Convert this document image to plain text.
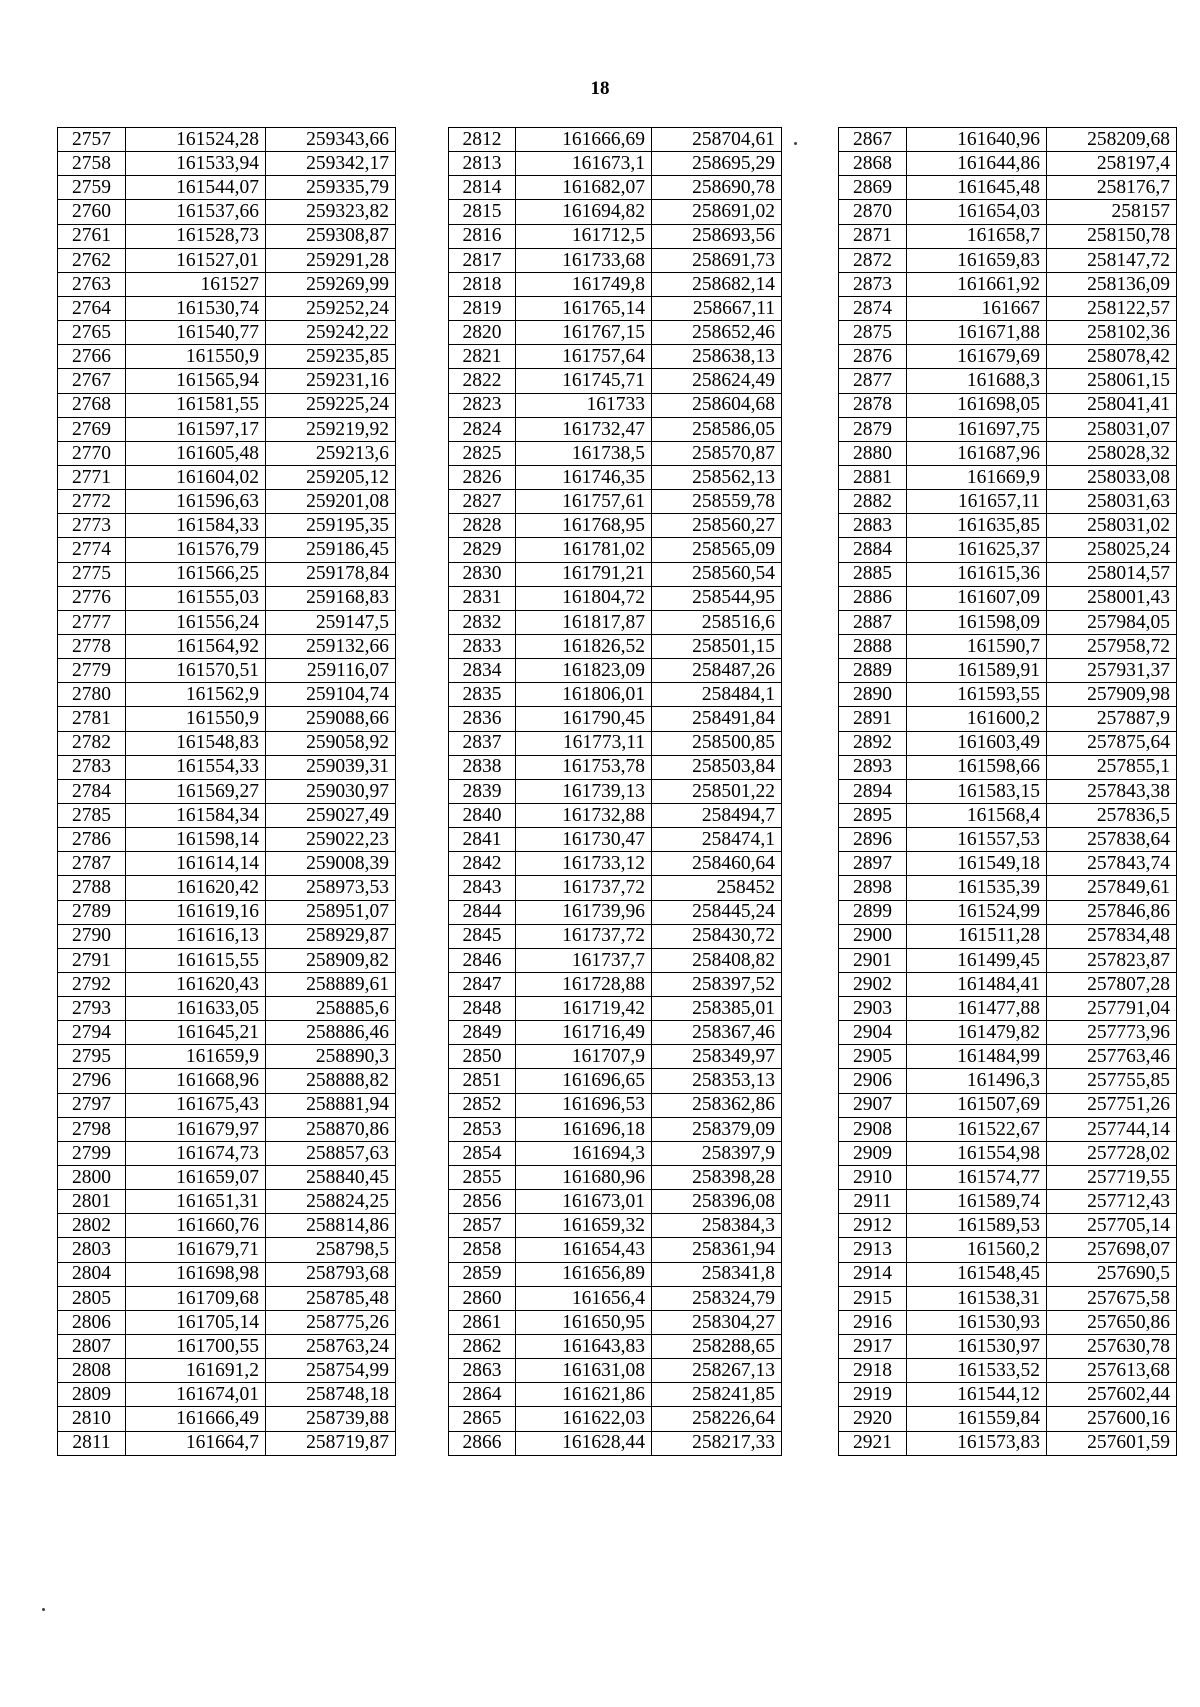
18
2757	161524,28	259343,66
2758	161533,94	259342,17
2759	161544,07	259335,79
2760	161537,66	259323,82
2761	161528,73	259308,87
2762	161527,01	259291,28
2763	161527	259269,99
2764	161530,74	259252,24
2765	161540,77	259242,22
2766	161550,9	259235,85
2767	161565,94	259231,16
2768	161581,55	259225,24
2769	161597,17	259219,92
2770	161605,48	259213,6
2771	161604,02	259205,12
2772	161596,63	259201,08
2773	161584,33	259195,35
2774	161576,79	259186,45
2775	161566,25	259178,84
2776	161555,03	259168,83
2777	161556,24	259147,5
2778	161564,92	259132,66
2779	161570,51	259116,07
2780	161562,9	259104,74
2781	161550,9	259088,66
2782	161548,83	259058,92
2783	161554,33	259039,31
2784	161569,27	259030,97
2785	161584,34	259027,49
2786	161598,14	259022,23
2787	161614,14	259008,39
2788	161620,42	258973,53
2789	161619,16	258951,07
2790	161616,13	258929,87
2791	161615,55	258909,82
2792	161620,43	258889,61
2793	161633,05	258885,6
2794	161645,21	258886,46
2795	161659,9	258890,3
2796	161668,96	258888,82
2797	161675,43	258881,94
2798	161679,97	258870,86
2799	161674,73	258857,63
2800	161659,07	258840,45
2801	161651,31	258824,25
2802	161660,76	258814,86
2803	161679,71	258798,5
2804	161698,98	258793,68
2805	161709,68	258785,48
2806	161705,14	258775,26
2807	161700,55	258763,24
2808	161691,2	258754,99
2809	161674,01	258748,18
2810	161666,49	258739,88
2811	161664,7	258719,87
2812	161666,69	258704,61
2813	161673,1	258695,29
2814	161682,07	258690,78
2815	161694,82	258691,02
2816	161712,5	258693,56
2817	161733,68	258691,73
2818	161749,8	258682,14
2819	161765,14	258667,11
2820	161767,15	258652,46
2821	161757,64	258638,13
2822	161745,71	258624,49
2823	161733	258604,68
2824	161732,47	258586,05
2825	161738,5	258570,87
2826	161746,35	258562,13
2827	161757,61	258559,78
2828	161768,95	258560,27
2829	161781,02	258565,09
2830	161791,21	258560,54
2831	161804,72	258544,95
2832	161817,87	258516,6
2833	161826,52	258501,15
2834	161823,09	258487,26
2835	161806,01	258484,1
2836	161790,45	258491,84
2837	161773,11	258500,85
2838	161753,78	258503,84
2839	161739,13	258501,22
2840	161732,88	258494,7
2841	161730,47	258474,1
2842	161733,12	258460,64
2843	161737,72	258452
2844	161739,96	258445,24
2845	161737,72	258430,72
2846	161737,7	258408,82
2847	161728,88	258397,52
2848	161719,42	258385,01
2849	161716,49	258367,46
2850	161707,9	258349,97
2851	161696,65	258353,13
2852	161696,53	258362,86
2853	161696,18	258379,09
2854	161694,3	258397,9
2855	161680,96	258398,28
2856	161673,01	258396,08
2857	161659,32	258384,3
2858	161654,43	258361,94
2859	161656,89	258341,8
2860	161656,4	258324,79
2861	161650,95	258304,27
2862	161643,83	258288,65
2863	161631,08	258267,13
2864	161621,86	258241,85
2865	161622,03	258226,64
2866	161628,44	258217,33
2867	161640,96	258209,68
2868	161644,86	258197,4
2869	161645,48	258176,7
2870	161654,03	258157
2871	161658,7	258150,78
2872	161659,83	258147,72
2873	161661,92	258136,09
2874	161667	258122,57
2875	161671,88	258102,36
2876	161679,69	258078,42
2877	161688,3	258061,15
2878	161698,05	258041,41
2879	161697,75	258031,07
2880	161687,96	258028,32
2881	161669,9	258033,08
2882	161657,11	258031,63
2883	161635,85	258031,02
2884	161625,37	258025,24
2885	161615,36	258014,57
2886	161607,09	258001,43
2887	161598,09	257984,05
2888	161590,7	257958,72
2889	161589,91	257931,37
2890	161593,55	257909,98
2891	161600,2	257887,9
2892	161603,49	257875,64
2893	161598,66	257855,1
2894	161583,15	257843,38
2895	161568,4	257836,5
2896	161557,53	257838,64
2897	161549,18	257843,74
2898	161535,39	257849,61
2899	161524,99	257846,86
2900	161511,28	257834,48
2901	161499,45	257823,87
2902	161484,41	257807,28
2903	161477,88	257791,04
2904	161479,82	257773,96
2905	161484,99	257763,46
2906	161496,3	257755,85
2907	161507,69	257751,26
2908	161522,67	257744,14
2909	161554,98	257728,02
2910	161574,77	257719,55
2911	161589,74	257712,43
2912	161589,53	257705,14
2913	161560,2	257698,07
2914	161548,45	257690,5
2915	161538,31	257675,58
2916	161530,93	257650,86
2917	161530,97	257630,78
2918	161533,52	257613,68
2919	161544,12	257602,44
2920	161559,84	257600,16
2921	161573,83	257601,59
